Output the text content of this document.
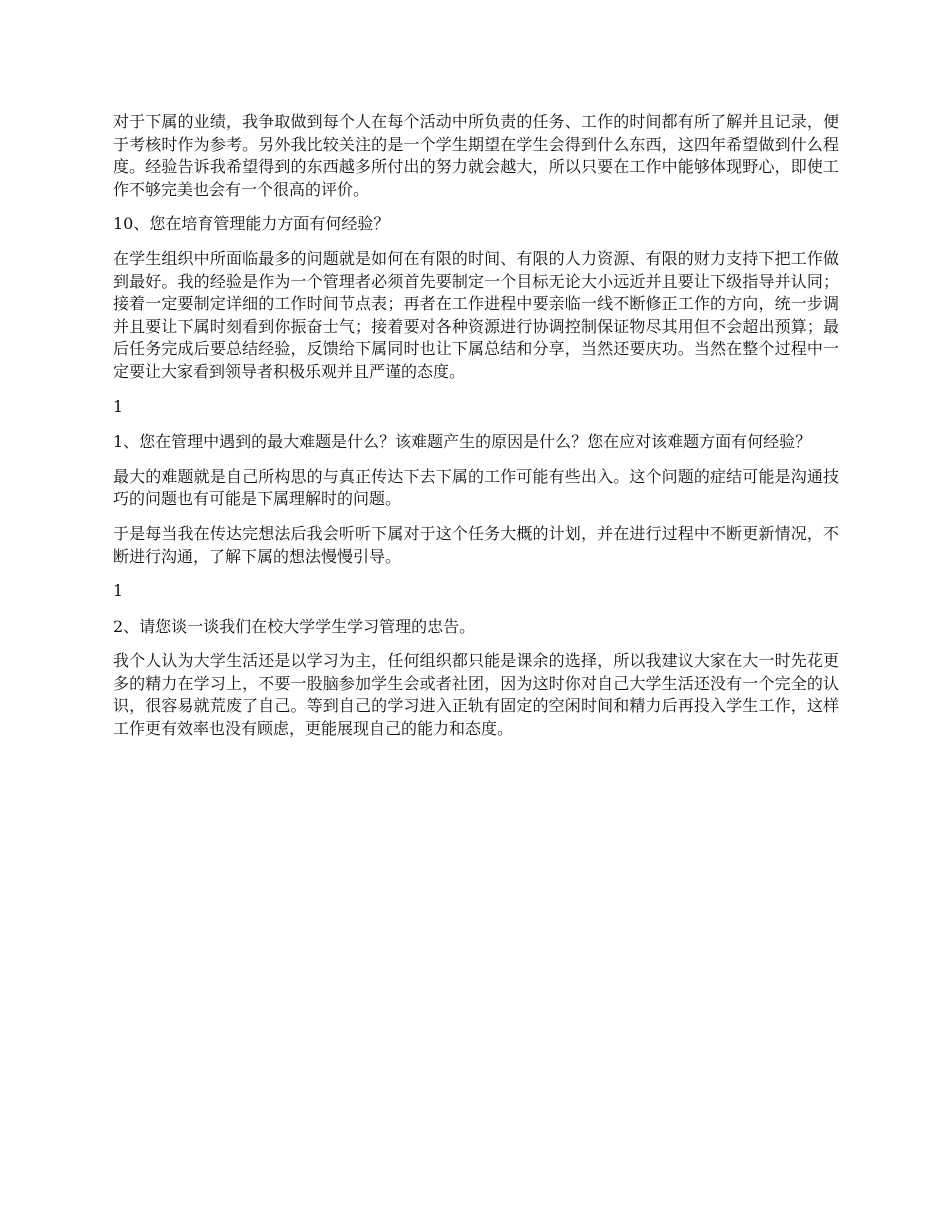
对于下属的业绩，我争取做到每个人在每个活动中所负责的任务、工作的时间都有所了解并且记录，便于考核时作为参考。另外我比较关注的是一个学生期望在学生会得到什么东西，这四年希望做到什么程度。经验告诉我希望得到的东西越多所付出的努力就会越大，所以只要在工作中能够体现野心，即使工作不够完美也会有一个很高的评价。

10、您在培育管理能力方面有何经验？

在学生组织中所面临最多的问题就是如何在有限的时间、有限的人力资源、有限的财力支持下把工作做到最好。我的经验是作为一个管理者必须首先要制定一个目标无论大小远近并且要让下级指导并认同；接着一定要制定详细的工作时间节点表；再者在工作进程中要亲临一线不断修正工作的方向，统一步调并且要让下属时刻看到你振奋士气；接着要对各种资源进行协调控制保证物尽其用但不会超出预算；最后任务完成后要总结经验，反馈给下属同时也让下属总结和分享，当然还要庆功。当然在整个过程中一定要让大家看到领导者积极乐观并且严谨的态度。

1

1、您在管理中遇到的最大难题是什么？该难题产生的原因是什么？您在应对该难题方面有何经验？

最大的难题就是自己所构思的与真正传达下去下属的工作可能有些出入。这个问题的症结可能是沟通技巧的问题也有可能是下属理解时的问题。

于是每当我在传达完想法后我会听听下属对于这个任务大概的计划，并在进行过程中不断更新情况，不断进行沟通，了解下属的想法慢慢引导。

1

2、请您谈一谈我们在校大学学生学习管理的忠告。

我个人认为大学生活还是以学习为主，任何组织都只能是课余的选择，所以我建议大家在大一时先花更多的精力在学习上，不要一股脑参加学生会或者社团，因为这时你对自己大学生活还没有一个完全的认识，很容易就荒废了自己。等到自己的学习进入正轨有固定的空闲时间和精力后再投入学生工作，这样工作更有效率也没有顾虑，更能展现自己的能力和态度。
